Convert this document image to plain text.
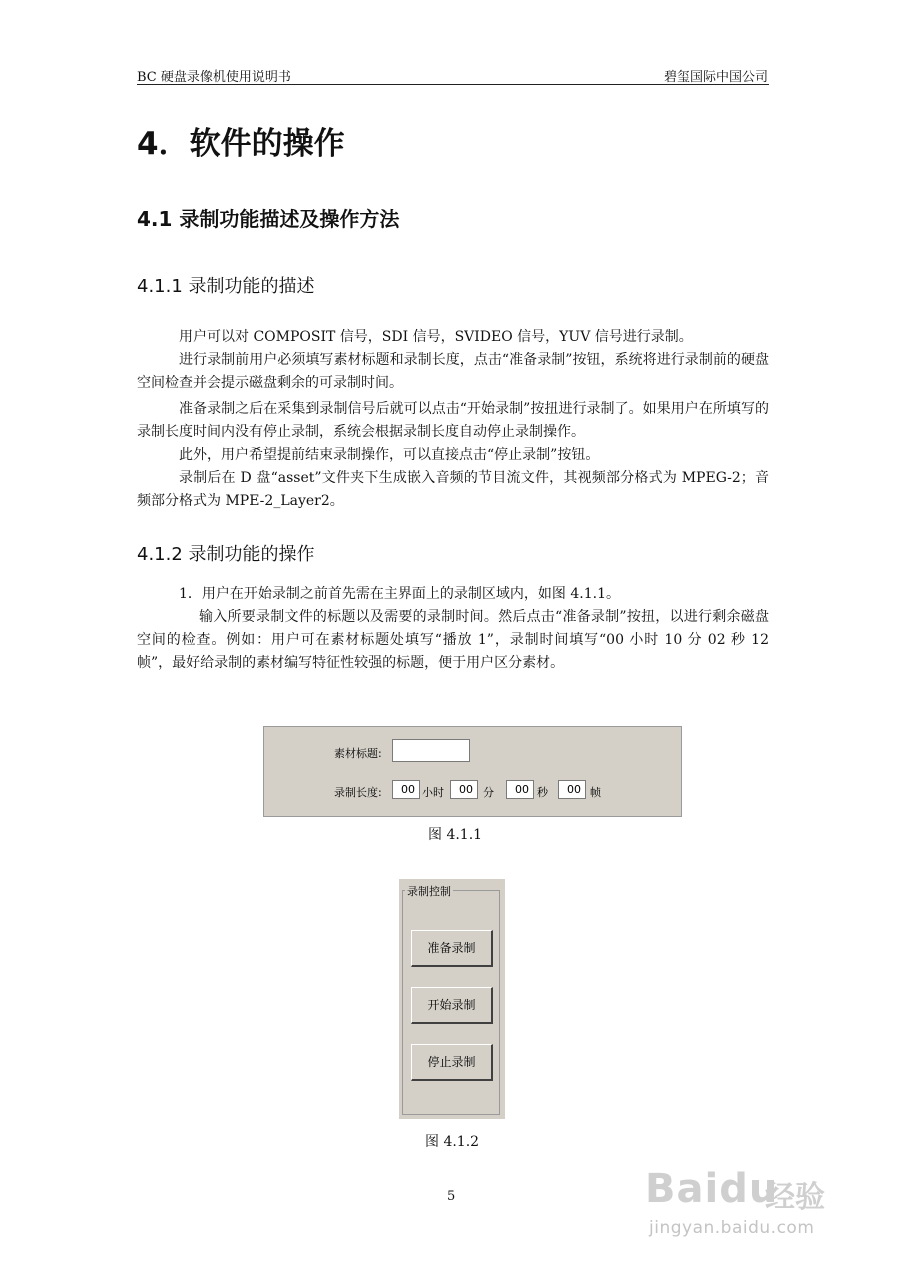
BC 硬盘录像机使用说明书	碧玺国际中国公司
4．软件的操作
4.1 录制功能描述及操作方法
4.1.1 录制功能的描述

用户可以对 COMPOSIT 信号，SDI 信号，SVIDEO 信号，YUV 信号进行录制。

进行录制前用户必须填写素材标题和录制长度，点击“准备录制”按钮，系统将进行录制前的硬盘空间检查并会提示磁盘剩余的可录制时间。

准备录制之后在采集到录制信号后就可以点击“开始录制”按扭进行录制了。如果用户在所填写的录制长度时间内没有停止录制，系统会根据录制长度自动停止录制操作。

此外，用户希望提前结束录制操作，可以直接点击“停止录制”按钮。

录制后在 D 盘“asset”文件夹下生成嵌入音频的节目流文件，其视频部分格式为 MPEG-2；音频部分格式为 MPE-2_Layer2。

4.1.2 录制功能的操作

1．用户在开始录制之前首先需在主界面上的录制区域内，如图 4.1.1。

输入所要录制文件的标题以及需要的录制时间。然后点击“准备录制”按扭，以进行剩余磁盘空间的检查。例如：用户可在素材标题处填写“播放 1”，录制时间填写“00 小时 10 分 02 秒 12 帧”，最好给录制的素材编写特征性较强的标题，便于用户区分素材。

素材标题:
录制长度:	00 小时	00 分	00 秒	00 帧
图 4.1.1
录制控制
准备录制
开始录制
停止录制
图 4.1.2
5	Baidu
经验
jingyan.baidu.com
